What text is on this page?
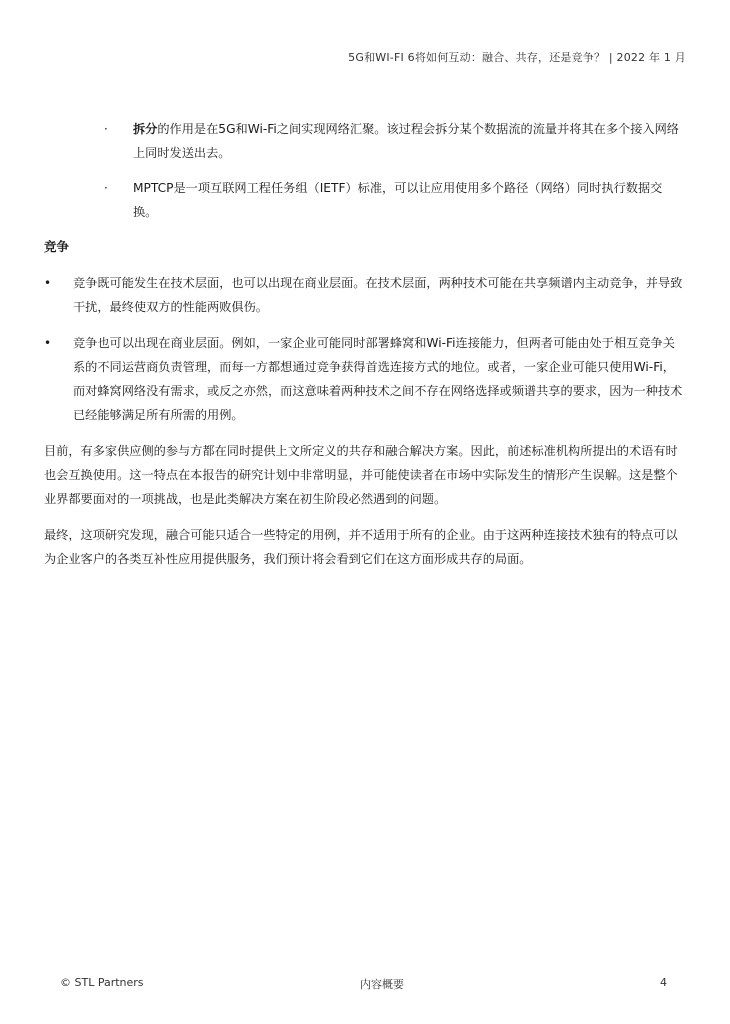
5G和WI-FI 6将如何互动：融合、共存，还是竞争？ | 2022 年 1 月
· 拆分的作用是在5G和Wi-Fi之间实现网络汇聚。该过程会拆分某个数据流的流量并将其在多个接入网络上同时发送出去。
· MPTCP是一项互联网工程任务组（IETF）标准，可以让应用使用多个路径（网络）同时执行数据交换。
竞争
• 竞争既可能发生在技术层面，也可以出现在商业层面。在技术层面，两种技术可能在共享频谱内主动竞争，并导致干扰，最终使双方的性能两败俱伤。
• 竞争也可以出现在商业层面。例如，一家企业可能同时部署蜂窝和Wi-Fi连接能力，但两者可能由处于相互竞争关系的不同运营商负责管理，而每一方都想通过竞争获得首选连接方式的地位。或者，一家企业可能只使用Wi-Fi，而对蜂窝网络没有需求，或反之亦然，而这意味着两种技术之间不存在网络选择或频谱共享的要求，因为一种技术已经能够满足所有所需的用例。

目前，有多家供应侧的参与方都在同时提供上文所定义的共存和融合解决方案。因此，前述标准机构所提出的术语有时也会互换使用。这一特点在本报告的研究计划中非常明显，并可能使读者在市场中实际发生的情形产生误解。这是整个业界都要面对的一项挑战，也是此类解决方案在初生阶段必然遇到的问题。

最终，这项研究发现，融合可能只适合一些特定的用例，并不适用于所有的企业。由于这两种连接技术独有的特点可以为企业客户的各类互补性应用提供服务，我们预计将会看到它们在这方面形成共存的局面。

© STL Partners	内容概要	4
